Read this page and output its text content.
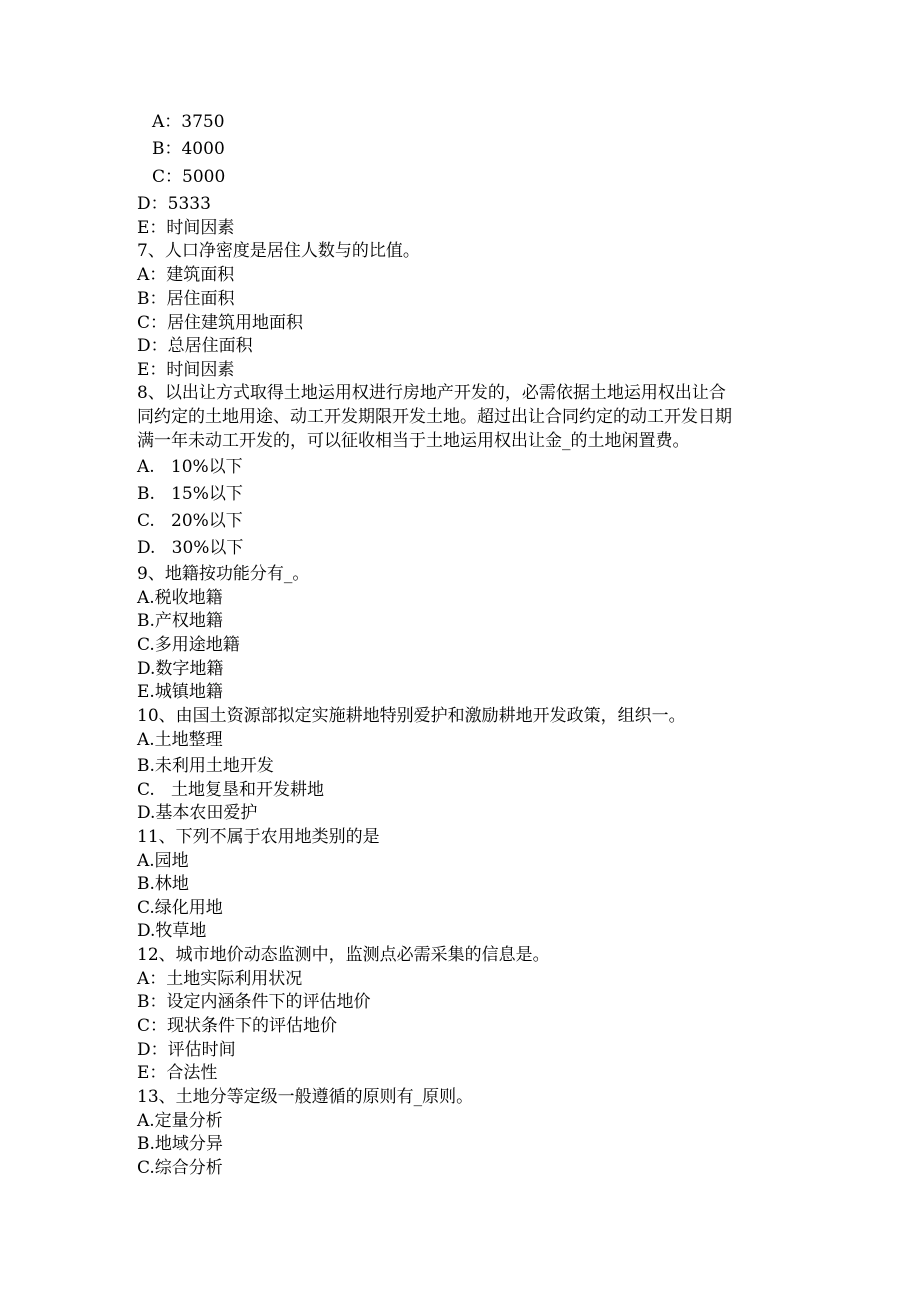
A：3750
B：4000
C：5000
D：5333
E：时间因素
7、人口净密度是居住人数与的比值。
A：建筑面积
B：居住面积
C：居住建筑用地面积
D：总居住面积
E：时间因素
8、以出让方式取得土地运用权进行房地产开发的，必需依据土地运用权出让合
同约定的土地用途、动工开发期限开发土地。超过出让合同约定的动工开发日期
满一年未动工开发的，可以征收相当于土地运用权出让金_的土地闲置费。
A.   10%以下
B.   15%以下
C.   20%以下
D.   30%以下
9、地籍按功能分有_。
A.税收地籍
B.产权地籍
C.多用途地籍
D.数字地籍
E.城镇地籍
10、由国土资源部拟定实施耕地特别爱护和激励耕地开发政策，组织一。
A.土地整理
B.未利用土地开发
C.   土地复垦和开发耕地
D.基本农田爱护
11、下列不属于农用地类别的是
A.园地
B.林地
C.绿化用地
D.牧草地
12、城市地价动态监测中，监测点必需采集的信息是。
A：土地实际利用状况
B：设定内涵条件下的评估地价
C：现状条件下的评估地价
D：评估时间
E：合法性
13、土地分等定级一般遵循的原则有_原则。
A.定量分析
B.地域分异
C.综合分析
